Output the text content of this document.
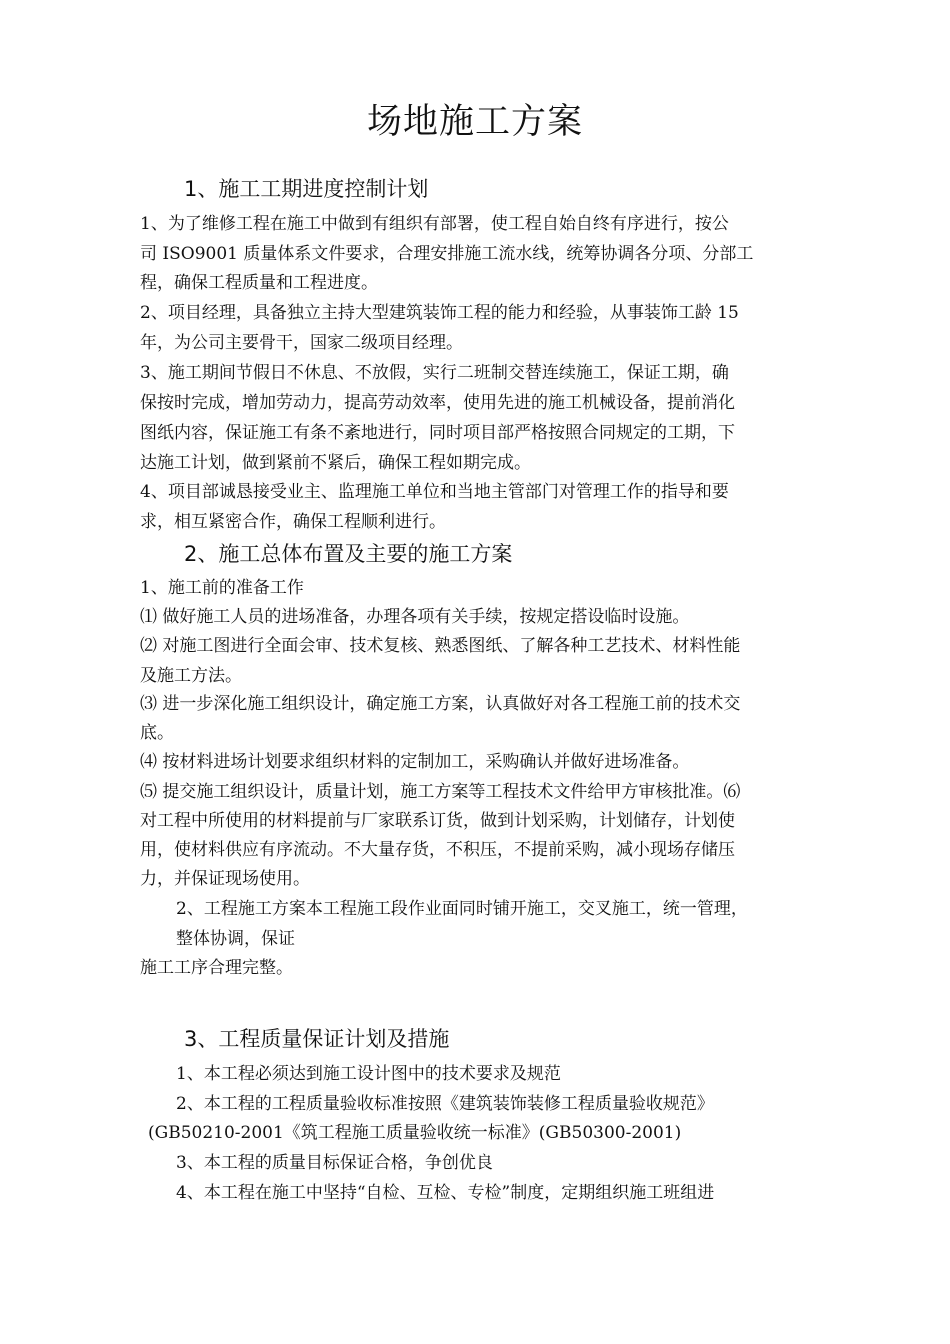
场地施工方案
1、施工工期进度控制计划

1、为了维修工程在施工中做到有组织有部署，使工程自始自终有序进行，按公

司 ISO9001 质量体系文件要求，合理安排施工流水线，统筹协调各分项、分部工

程，确保工程质量和工程进度。

2、项目经理，具备独立主持大型建筑装饰工程的能力和经验，从事装饰工龄 15

年，为公司主要骨干，国家二级项目经理。

3、施工期间节假日不休息、不放假，实行二班制交替连续施工，保证工期，确

保按时完成，增加劳动力，提高劳动效率，使用先进的施工机械设备，提前消化

图纸内容，保证施工有条不紊地进行，同时项目部严格按照合同规定的工期，下

达施工计划，做到紧前不紧后，确保工程如期完成。

4、项目部诚恳接受业主、监理施工单位和当地主管部门对管理工作的指导和要

求，相互紧密合作，确保工程顺利进行。

2、施工总体布置及主要的施工方案

1、施工前的准备工作

⑴ 做好施工人员的进场准备，办理各项有关手续，按规定搭设临时设施。

⑵ 对施工图进行全面会审、技术复核、熟悉图纸、了解各种工艺技术、材料性能

及施工方法。

⑶ 进一步深化施工组织设计，确定施工方案，认真做好对各工程施工前的技术交

底。

⑷ 按材料进场计划要求组织材料的定制加工，采购确认并做好进场准备。

⑸ 提交施工组织设计，质量计划，施工方案等工程技术文件给甲方审核批准。⑹

对工程中所使用的材料提前与厂家联系订货，做到计划采购，计划储存，计划使

用，使材料供应有序流动。不大量存货，不积压，不提前采购，减小现场存储压

力，并保证现场使用。

2、工程施工方案本工程施工段作业面同时铺开施工，交叉施工，统一管理，

整体协调，保证

施工工序合理完整。

3、工程质量保证计划及措施

1、本工程必须达到施工设计图中的技术要求及规范

2、本工程的工程质量验收标准按照《建筑装饰装修工程质量验收规范》

(GB50210-2001《筑工程施工质量验收统一标准》(GB50300-2001)

3、本工程的质量目标保证合格，争创优良

4、本工程在施工中坚持“自检、互检、专检”制度，定期组织施工班组进
